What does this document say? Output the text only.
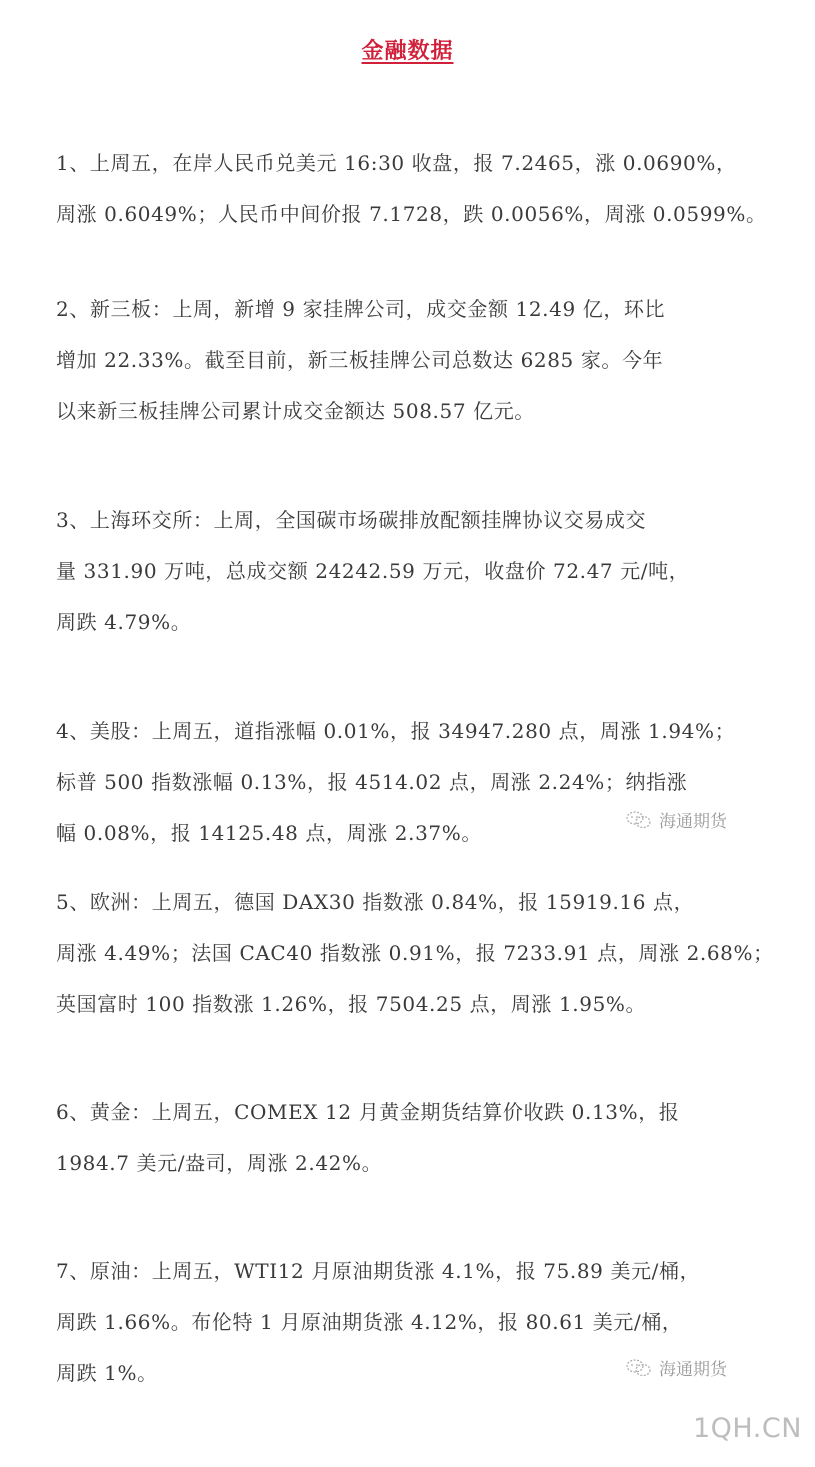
金融数据
1、上周五，在岸人民币兑美元 16:30 收盘，报 7.2465，涨 0.0690%，
周涨 0.6049%；人民币中间价报 7.1728，跌 0.0056%，周涨 0.0599%。
2、新三板：上周，新增 9 家挂牌公司，成交金额 12.49 亿，环比
增加 22.33%。截至目前，新三板挂牌公司总数达 6285 家。今年
以来新三板挂牌公司累计成交金额达 508.57 亿元。
3、上海环交所：上周，全国碳市场碳排放配额挂牌协议交易成交
量 331.90 万吨，总成交额 24242.59 万元，收盘价 72.47 元/吨，
周跌 4.79%。
4、美股：上周五，道指涨幅 0.01%，报 34947.280 点，周涨 1.94%；
标普 500 指数涨幅 0.13%，报 4514.02 点，周涨 2.24%；纳指涨
幅 0.08%，报 14125.48 点，周涨 2.37%。
5、欧洲：上周五，德国 DAX30 指数涨 0.84%，报 15919.16 点，
周涨 4.49%；法国 CAC40 指数涨 0.91%，报 7233.91 点，周涨 2.68%；
英国富时 100 指数涨 1.26%，报 7504.25 点，周涨 1.95%。
6、黄金：上周五，COMEX 12 月黄金期货结算价收跌 0.13%，报
1984.7 美元/盎司，周涨 2.42%。
7、原油：上周五，WTI12 月原油期货涨 4.1%，报 75.89 美元/桶，
周跌 1.66%。布伦特 1 月原油期货涨 4.12%，报 80.61 美元/桶，
周跌 1%。
海通期货
海通期货
1QH.CN
